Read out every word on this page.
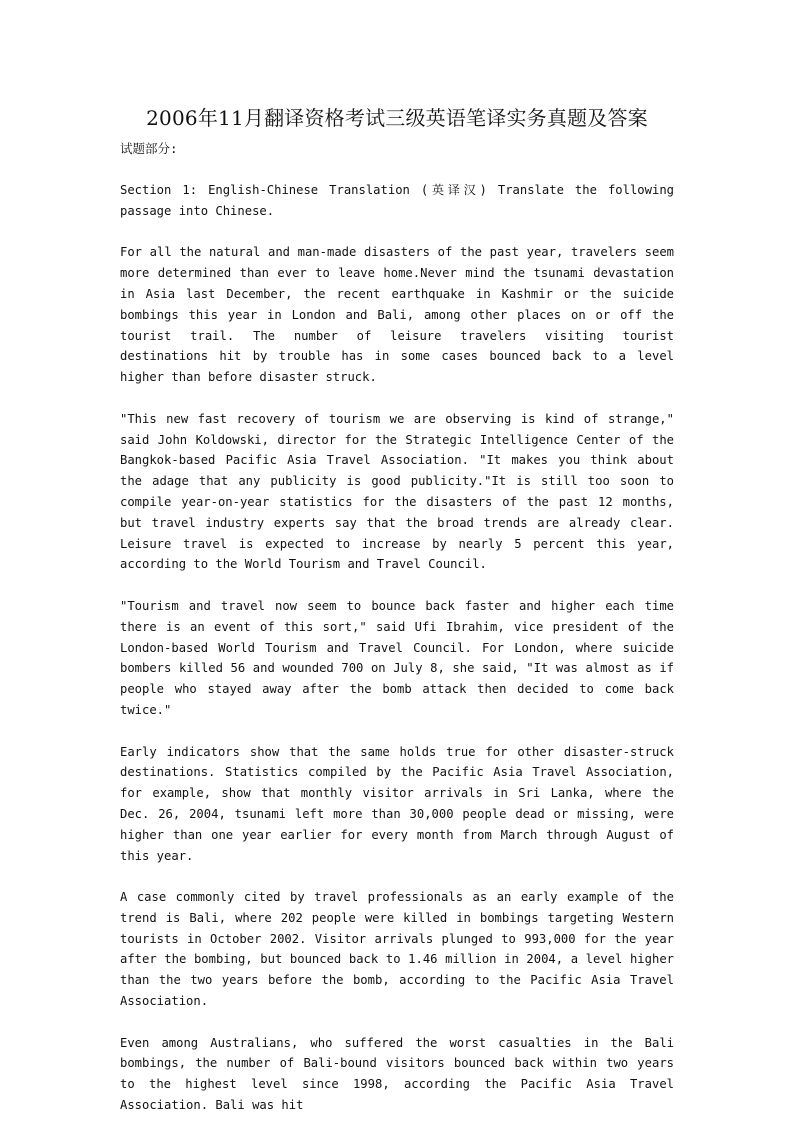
2006年11月翻译资格考试三级英语笔译实务真题及答案
试题部分:

Section 1: English-Chinese Translation (英译汉) Translate the following passage into Chinese.

For all the natural and man-made disasters of the past year, travelers seem more determined than ever to leave home.Never mind the tsunami devastation in Asia last December, the recent earthquake in Kashmir or the suicide bombings this year in London and Bali, among other places on or off the tourist trail. The number of leisure travelers visiting tourist destinations hit by trouble has in some cases bounced back to a level higher than before disaster struck.

"This new fast recovery of tourism we are observing is kind of strange," said John Koldowski, director for the Strategic Intelligence Center of the Bangkok-based Pacific Asia Travel Association. "It makes you think about the adage that any publicity is good publicity."It is still too soon to compile year-on-year statistics for the disasters of the past 12 months, but travel industry experts say that the broad trends are already clear. Leisure travel is expected to increase by nearly 5 percent this year, according to the World Tourism and Travel Council.

"Tourism and travel now seem to bounce back faster and higher each time there is an event of this sort," said Ufi Ibrahim, vice president of the London-based World Tourism and Travel Council. For London, where suicide bombers killed 56 and wounded 700 on July 8, she said, "It was almost as if people who stayed away after the bomb attack then decided to come back twice."

Early indicators show that the same holds true for other disaster-struck destinations. Statistics compiled by the Pacific Asia Travel Association, for example, show that monthly visitor arrivals in Sri Lanka, where the Dec. 26, 2004, tsunami left more than 30,000 people dead or missing, were higher than one year earlier for every month from March through August of this year.

A case commonly cited by travel professionals as an early example of the trend is Bali, where 202 people were killed in bombings targeting Western tourists in October 2002. Visitor arrivals plunged to 993,000 for the year after the bombing, but bounced back to 1.46 million in 2004, a level higher than the two years before the bomb, according to the Pacific Asia Travel Association.

Even among Australians, who suffered the worst casualties in the Bali bombings, the number of Bali-bound visitors bounced back within two years to the highest level since 1998, according the Pacific Asia Travel Association. Bali was hit
